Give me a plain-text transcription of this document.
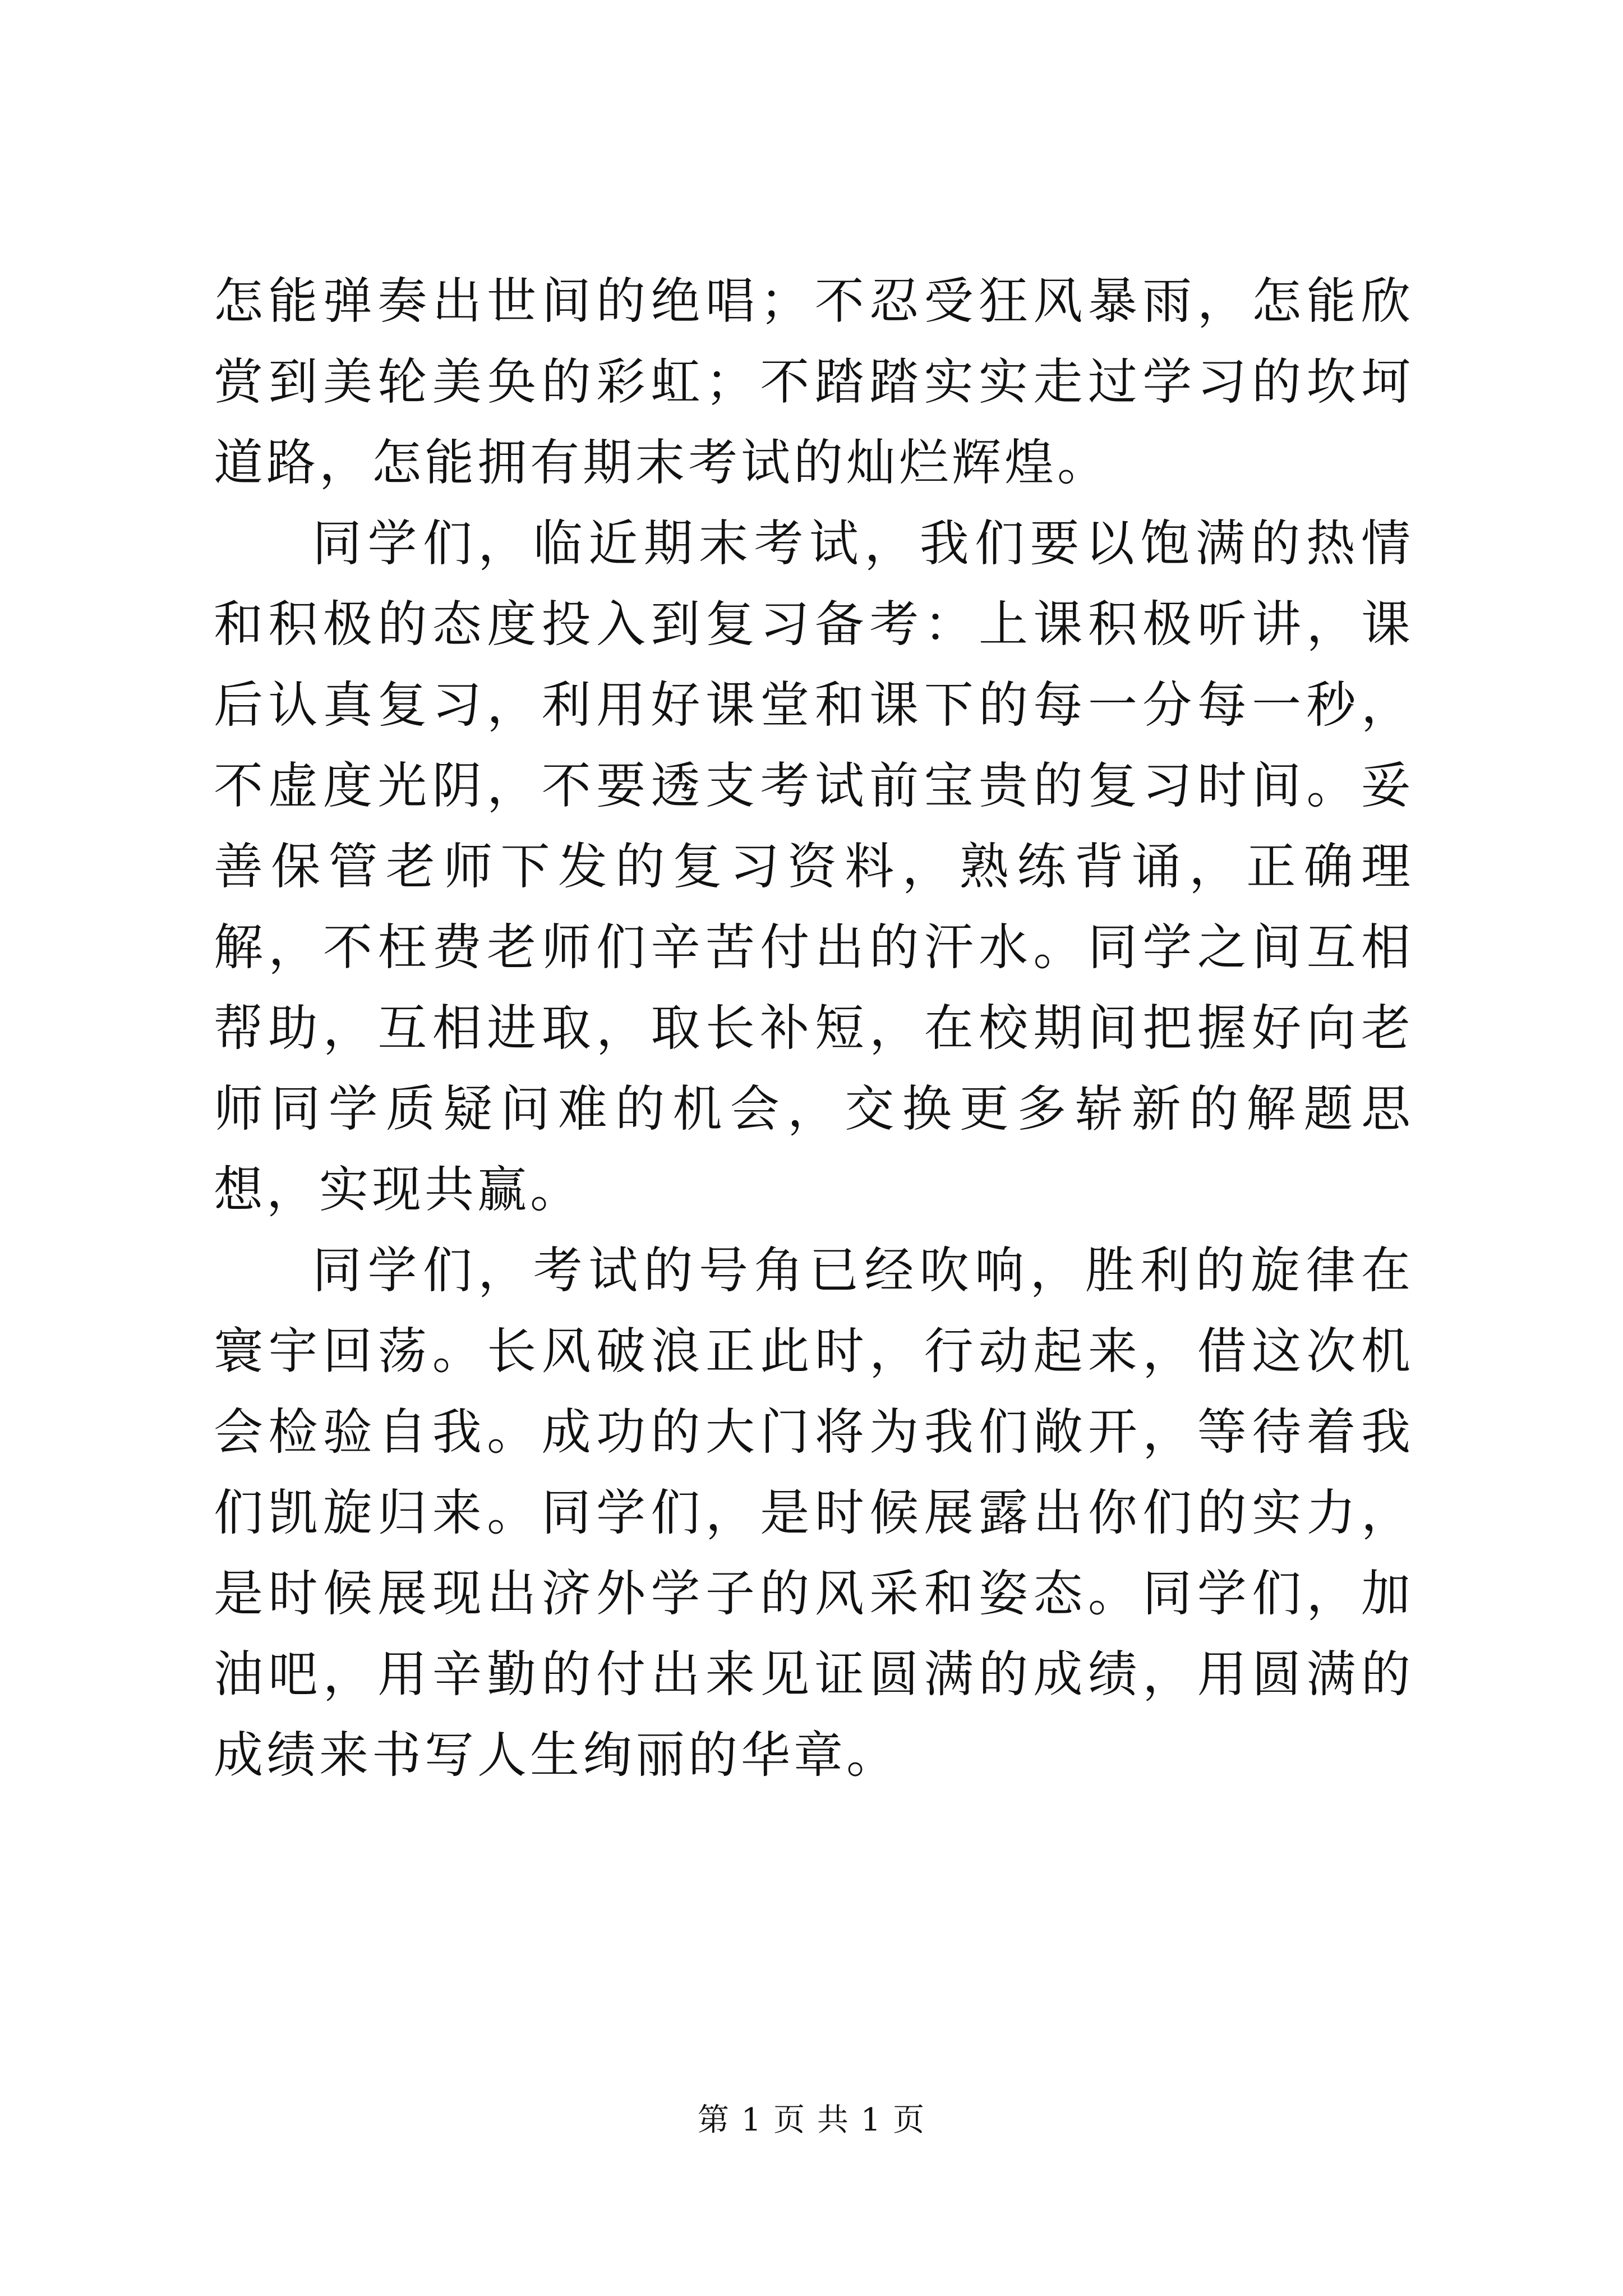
怎能弹奏出世间的绝唱；不忍受狂风暴雨，怎能欣赏到美轮美奂的彩虹；不踏踏实实走过学习的坎坷道路，怎能拥有期末考试的灿烂辉煌。

同学们，临近期末考试，我们要以饱满的热情和积极的态度投入到复习备考：上课积极听讲，课后认真复习，利用好课堂和课下的每一分每一秒，不虚度光阴，不要透支考试前宝贵的复习时间。妥善保管老师下发的复习资料，熟练背诵，正确理解，不枉费老师们辛苦付出的汗水。同学之间互相帮助，互相进取，取长补短，在校期间把握好向老师同学质疑问难的机会，交换更多崭新的解题思想，实现共赢。

同学们，考试的号角已经吹响，胜利的旋律在寰宇回荡。长风破浪正此时，行动起来，借这次机会检验自我。成功的大门将为我们敞开，等待着我们凯旋归来。同学们，是时候展露出你们的实力，是时候展现出济外学子的风采和姿态。同学们，加油吧，用辛勤的付出来见证圆满的成绩，用圆满的成绩来书写人生绚丽的华章。

第 1 页 共 1 页
